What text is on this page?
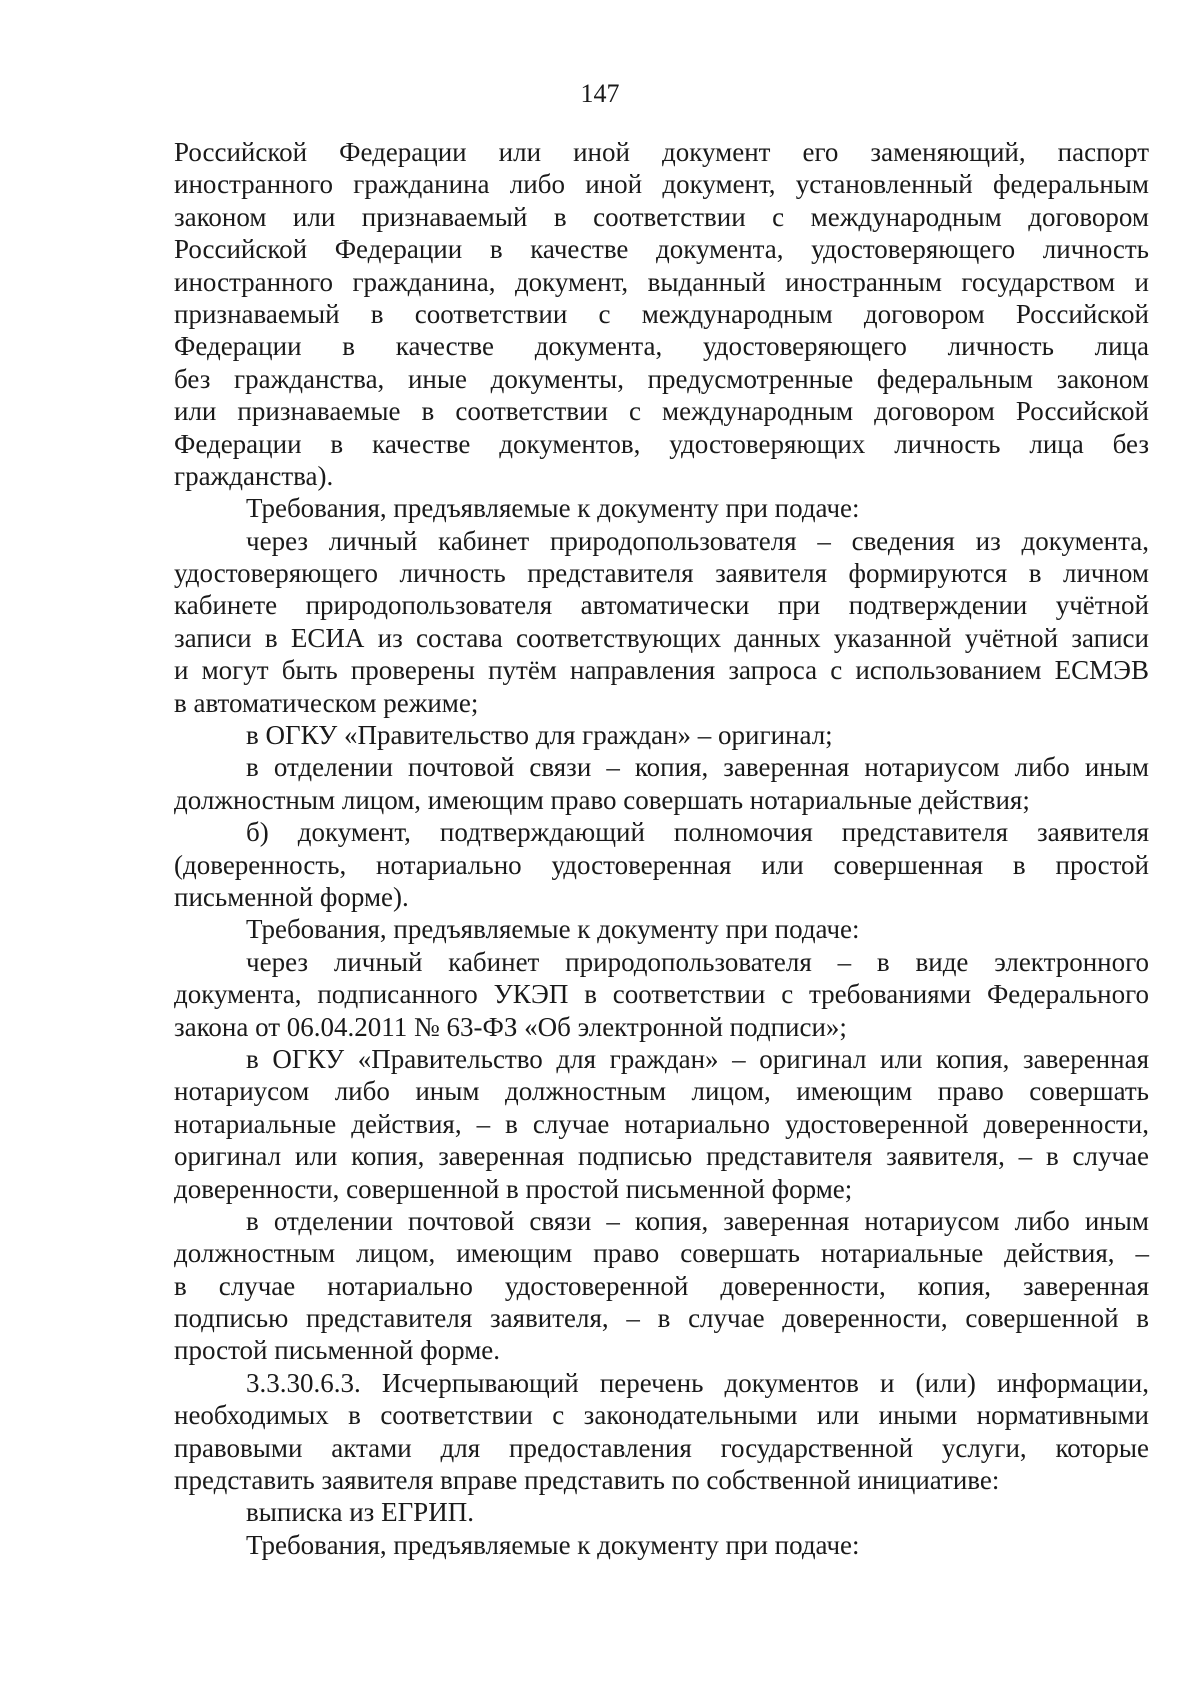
147
Российской Федерации или иной документ его заменяющий, паспорт
иностранного гражданина либо иной документ, установленный федеральным
законом или признаваемый в соответствии с международным договором
Российской Федерации в качестве документа, удостоверяющего личность
иностранного гражданина, документ, выданный иностранным государством и
признаваемый в соответствии с международным договором Российской
Федерации в качестве документа, удостоверяющего личность лица
без гражданства, иные документы, предусмотренные федеральным законом
или признаваемые в соответствии с международным договором Российской
Федерации в качестве документов, удостоверяющих личность лица без
гражданства).
Требования, предъявляемые к документу при подаче:
через личный кабинет природопользователя – сведения из документа,
удостоверяющего личность представителя заявителя формируются в личном
кабинете природопользователя автоматически при подтверждении учётной
записи в ЕСИА из состава соответствующих данных указанной учётной записи
и могут быть проверены путём направления запроса с использованием ЕСМЭВ
в автоматическом режиме;
в ОГКУ «Правительство для граждан» – оригинал;
в отделении почтовой связи – копия, заверенная нотариусом либо иным
должностным лицом, имеющим право совершать нотариальные действия;
б) документ, подтверждающий полномочия представителя заявителя
(доверенность, нотариально удостоверенная или совершенная в простой
письменной форме).
Требования, предъявляемые к документу при подаче:
через личный кабинет природопользователя – в виде электронного
документа, подписанного УКЭП в соответствии с требованиями Федерального
закона от 06.04.2011 № 63-ФЗ «Об электронной подписи»;
в ОГКУ «Правительство для граждан» – оригинал или копия, заверенная
нотариусом либо иным должностным лицом, имеющим право совершать
нотариальные действия, – в случае нотариально удостоверенной доверенности,
оригинал или копия, заверенная подписью представителя заявителя, – в случае
доверенности, совершенной в простой письменной форме;
в отделении почтовой связи – копия, заверенная нотариусом либо иным
должностным лицом, имеющим право совершать нотариальные действия, –
в случае нотариально удостоверенной доверенности, копия, заверенная
подписью представителя заявителя, – в случае доверенности, совершенной в
простой письменной форме.
3.3.30.6.3. Исчерпывающий перечень документов и (или) информации,
необходимых в соответствии с законодательными или иными нормативными
правовыми актами для предоставления государственной услуги, которые
представить заявителя вправе представить по собственной инициативе:
выписка из ЕГРИП.
Требования, предъявляемые к документу при подаче:
